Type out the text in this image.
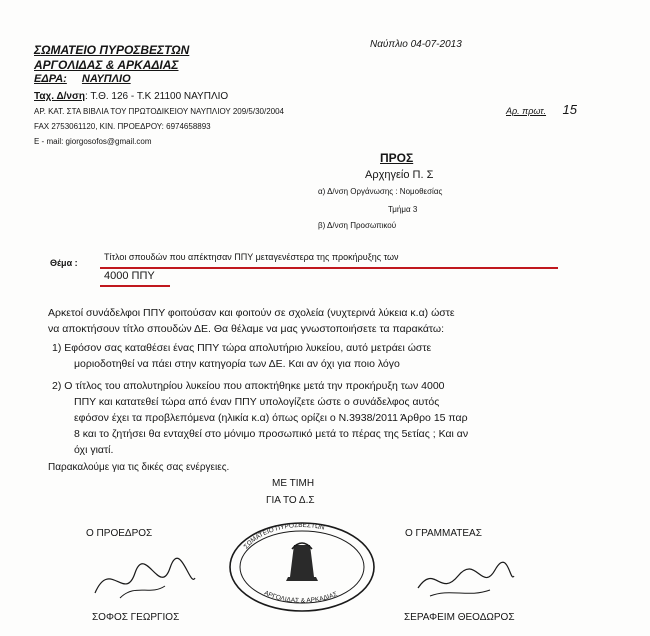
ΣΩΜΑΤΕΙΟ ΠΥΡΟΣΒΕΣΤΩΝ
ΑΡΓΟΛΙΔΑΣ & ΑΡΚΑΔΙΑΣ
ΕΔΡΑ: ΝΑΥΠΛΙΟ
Ταχ. Δ/νση: Τ.Θ. 126 - Τ.Κ 21100 ΝΑΥΠΛΙΟ
ΑΡ. ΚΑΤ. ΣΤΑ ΒΙΒΛΙΑ ΤΟΥ ΠΡΩΤΟΔΙΚΕΙΟΥ ΝΑΥΠΛΙΟΥ 209/5/30/2004
FAX 2753061120, ΚΙΝ. ΠΡΟΕΔΡΟΥ: 6974658893
E - mail: giorgosofos@gmail.com
Ναύπλιο 04-07-2013
Αρ. πρωτ. 15
ΠΡΟΣ
Αρχηγείο Π. Σ
α) Δ/νση Οργάνωσης : Νομοθεσίας
Τμήμα 3
β) Δ/νση Προσωπικού
Θέμα :
Τίτλοι σπουδών που απέκτησαν ΠΠΥ μεταγενέστερα της προκήρυξης των
4000 ΠΠΥ
Αρκετοί συνάδελφοι ΠΠΥ φοιτούσαν και φοιτούν σε σχολεία (νυχτερινά λύκεια κ.α) ώστε
να αποκτήσουν τίτλο σπουδών ΔΕ. Θα θέλαμε να μας γνωστοποιήσετε τα παρακάτω:
1) Εφόσον σας καταθέσει ένας ΠΠΥ τώρα απολυτήριο λυκείου, αυτό μετράει ώστε
μοριοδοτηθεί να πάει στην κατηγορία των ΔΕ. Και αν όχι για ποιο λόγο
2) Ο τίτλος του απολυτηρίου λυκείου που αποκτήθηκε μετά την προκήρυξη των 4000
ΠΠΥ και κατατεθεί τώρα από έναν ΠΠΥ υπολογίζετε ώστε ο συνάδελφος αυτός
εφόσον έχει τα προβλεπόμενα (ηλικία κ.α) όπως ορίζει ο Ν.3938/2011 Άρθρο 15 παρ
8 και το ζητήσει θα ενταχθεί στο μόνιμο προσωπικό μετά το πέρας της 5ετίας ; Και αν
όχι γιατί.
Παρακαλούμε για τις δικές σας ενέργειες.
ΜΕ ΤΙΜΗ
ΓΙΑ ΤΟ Δ.Σ
Ο ΠΡΟΕΔΡΟΣ	Ο ΓΡΑΜΜΑΤΕΑΣ
ΣΟΦΟΣ ΓΕΩΡΓΙΟΣ	ΣΕΡΑΦΕΙΜ ΘΕΟΔΩΡΟΣ
ΣΩΜΑΤΕΙΟ ΠΥΡΟΣΒΕΣΤΩΝ
ΑΡΓΟΛΙΔΑΣ & ΑΡΚΑΔΙΑΣ
